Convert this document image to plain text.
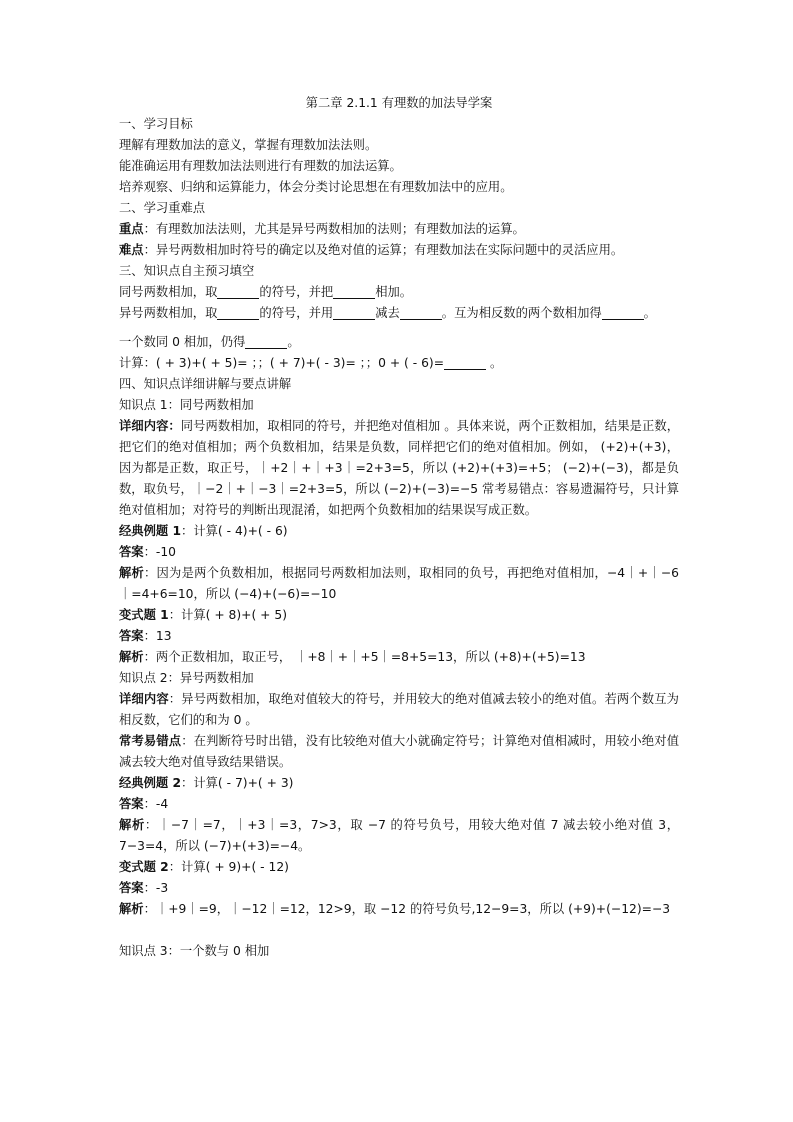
第二章 2.1.1 有理数的加法导学案
一、学习目标
理解有理数加法的意义，掌握有理数加法法则。
能准确运用有理数加法法则进行有理数的加法运算。
培养观察、归纳和运算能力，体会分类讨论思想在有理数加法中的应用。
二、学习重难点
重点：有理数加法法则，尤其是异号两数相加的法则；有理数加法的运算。
难点：异号两数相加时符号的确定以及绝对值的运算；有理数加法在实际问题中的灵活应用。
三、知识点自主预习填空
同号两数相加，取	的符号，并把	相加。
异号两数相加，取	的符号，并用	减去	。互为相反数的两个数相加得	。
一个数同 0 相加，仍得	。
计算：( + 3)+( + 5)= ；；( + 7)+( - 3)= ；；0 + ( - 6)=	。
四、知识点详细讲解与要点讲解
知识点 1：同号两数相加
详细内容：同号两数相加，取相同的符号，并把绝对值相加 。具体来说，两个正数相加，结果是正数，把它们的绝对值相加；两个负数相加，结果是负数，同样把它们的绝对值相加。例如， (+2)+(+3)，因为都是正数，取正号，｜+2｜+｜+3｜=2+3=5，所以 (+2)+(+3)=+5； (−2)+(−3)，都是负数，取负号，｜−2｜+｜−3｜=2+3=5，所以 (−2)+(−3)=−5 常考易错点：容易遗漏符号，只计算绝对值相加；对符号的判断出现混淆，如把两个负数相加的结果误写成正数。
经典例题 1：计算( - 4)+( - 6)
答案：-10
解析：因为是两个负数相加，根据同号两数相加法则，取相同的负号，再把绝对值相加，−4｜+｜−6｜=4+6=10，所以 (−4)+(−6)=−10
变式题 1：计算( + 8)+( + 5)
答案：13
解析：两个正数相加，取正号， ｜+8｜+｜+5｜=8+5=13，所以 (+8)+(+5)=13
知识点 2：异号两数相加
详细内容：异号两数相加，取绝对值较大的符号，并用较大的绝对值减去较小的绝对值。若两个数互为相反数，它们的和为 0 。
常考易错点：在判断符号时出错，没有比较绝对值大小就确定符号；计算绝对值相减时，用较小绝对值减去较大绝对值导致结果错误。
经典例题 2：计算( - 7)+( + 3)
答案：-4
解析：｜−7｜=7，｜+3｜=3，7>3，取 −7 的符号负号，用较大绝对值 7 减去较小绝对值 3，7−3=4，所以 (−7)+(+3)=−4。
变式题 2：计算( + 9)+( - 12)
答案：-3
解析：｜+9｜=9，｜−12｜=12，12>9，取 −12 的符号负号,12−9=3，所以 (+9)+(−12)=−3
知识点 3：一个数与 0 相加
